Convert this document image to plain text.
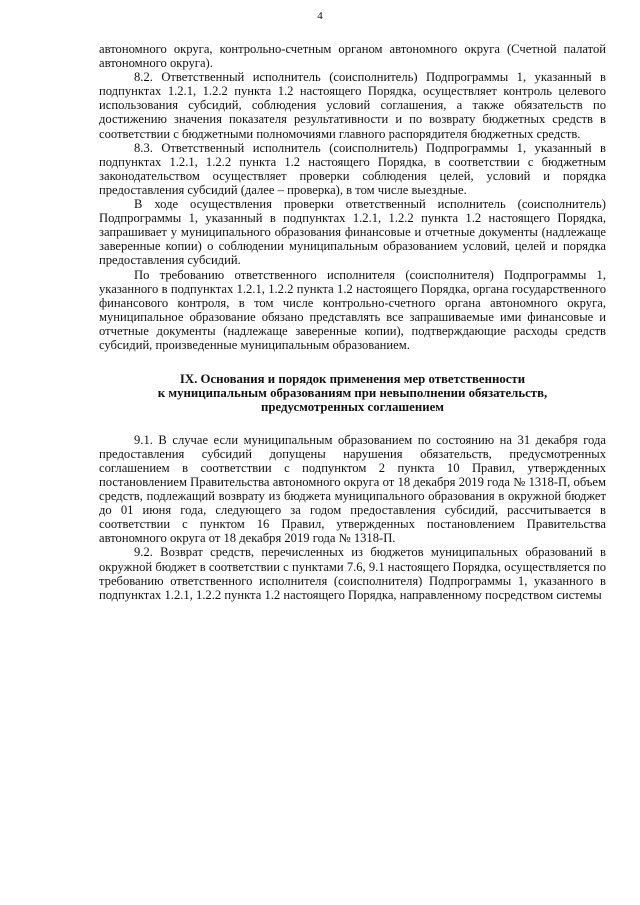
4

автономного округа, контрольно-счетным органом автономного округа (Счетной палатой автономного округа).

8.2. Ответственный исполнитель (соисполнитель) Подпрограммы 1, указанный в подпунктах 1.2.1, 1.2.2 пункта 1.2 настоящего Порядка, осуществляет контроль целевого использования субсидий, соблюдения условий соглашения, а также обязательств по достижению значения показателя результативности и по возврату бюджетных средств в соответствии с бюджетными полномочиями главного распорядителя бюджетных средств.

8.3. Ответственный исполнитель (соисполнитель) Подпрограммы 1, указанный в подпунктах 1.2.1, 1.2.2 пункта 1.2 настоящего Порядка, в соответствии с бюджетным законодательством осуществляет проверки соблюдения целей, условий и порядка предоставления субсидий (далее – проверка), в том числе выездные.

В ходе осуществления проверки ответственный исполнитель (соисполнитель) Подпрограммы 1, указанный в подпунктах 1.2.1, 1.2.2 пункта 1.2 настоящего Порядка, запрашивает у муниципального образования финансовые и отчетные документы (надлежаще заверенные копии) о соблюдении муниципальным образованием условий, целей и порядка предоставления субсидий.

По требованию ответственного исполнителя (соисполнителя) Подпрограммы 1, указанного в подпунктах 1.2.1, 1.2.2 пункта 1.2 настоящего Порядка, органа государственного финансового контроля, в том числе контрольно-счетного органа автономного округа, муниципальное образование обязано представлять все запрашиваемые ими финансовые и отчетные документы (надлежаще заверенные копии), подтверждающие расходы средств субсидий, произведенные муниципальным образованием.

IX. Основания и порядок применения мер ответственности
к муниципальным образованиям при невыполнении обязательств,
предусмотренных соглашением

9.1. В случае если муниципальным образованием по состоянию на 31 декабря года предоставления субсидий допущены нарушения обязательств, предусмотренных соглашением в соответствии с подпунктом 2 пункта 10 Правил, утвержденных постановлением Правительства автономного округа от 18 декабря 2019 года № 1318-П, объем средств, подлежащий возврату из бюджета муниципального образования в окружной бюджет до 01 июня года, следующего за годом предоставления субсидий, рассчитывается в соответствии с пунктом 16 Правил, утвержденных постановлением Правительства автономного округа от 18 декабря 2019 года № 1318-П.

9.2. Возврат средств, перечисленных из бюджетов муниципальных образований в окружной бюджет в соответствии с пунктами 7.6, 9.1 настоящего Порядка, осуществляется по требованию ответственного исполнителя (соисполнителя) Подпрограммы 1, указанного в подпунктах 1.2.1, 1.2.2 пункта 1.2 настоящего Порядка, направленному посредством системы
